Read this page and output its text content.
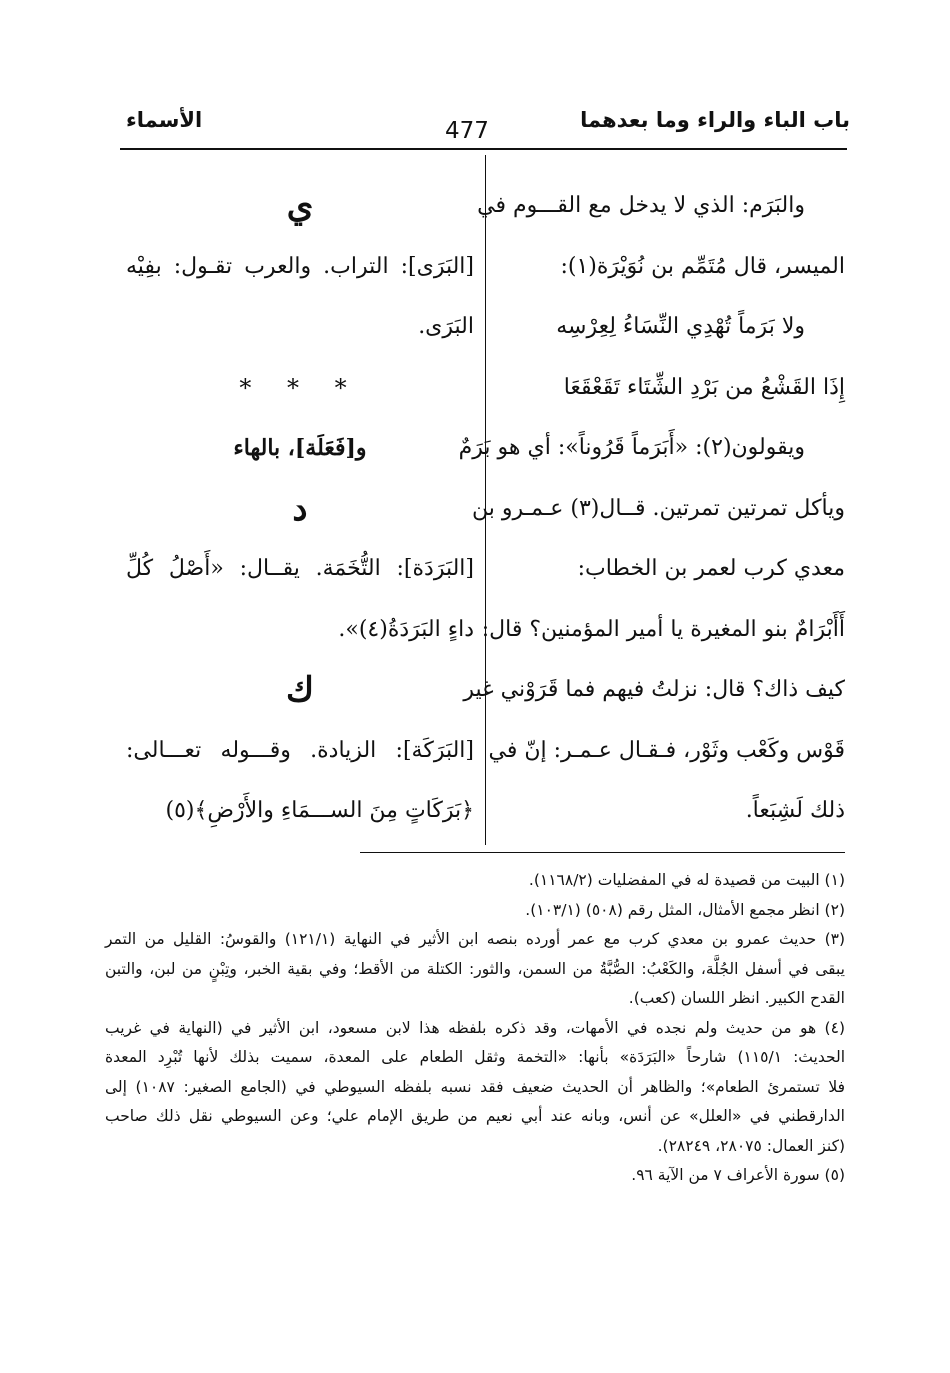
باب الباء والراء وما بعدهما
477
الأسماء
والبَرَم: الذي لا يدخل مع القـــوم في
الميسر، قال مُتَمِّم بن نُوَيْرَة(١):
ولا بَرَماً تُهْدِي النِّسَاءُ لِعِرْسِه
إِذَا القَشْعُ من بَرْدِ الشِّتَاء تَقَعْقَعَا
ويقولون(٢): «أَبَرَماً قَرُوناً»: أي هو بَرَمٌ
ويأكل تمرتين تمرتين. قــال(٣) عـمـرو بن
معدي كرب لعمر بن الخطاب:
أَأَبْرَامٌ بنو المغيرة يا أمير المؤمنين؟ قال:
كيف ذاك؟ قال: نزلتُ فيهم فما قَرَوْني غير
قَوْس وكَعْب وثَوْر، فـقـال عـمـر: إنّ في
ذلك لَشِبَعاً.
ي
[البَرَى]: التراب. والعرب تقـول: بفِيْه
البَرَى.
* * *
و[فَعَلَة]، بالهاء
د
[البَرَدَة]: التُّخَمَة. يقــال: «أَصْلُ كُلِّ
داءٍ البَرَدَةُ(٤)».
ك
[البَرَكَة]: الزيادة. وقـــوله تعـــالى:
﴿بَرَكَاتٍ مِنَ الســـمَاءِ والأَرْضِ﴾(٥)
(١) البيت من قصيدة له في المفضليات (١١٦٨/٢).
(٢) انظر مجمع الأمثال، المثل رقم (٥٠٨) (١٠٣/١).
(٣) حديث عمرو بن معدي كرب مع عمر أورده بنصه ابن الأثير في النهاية (١٢١/١) والقوسُ: القليل من التمر
يبقى في أسفل الجُلَّة، والكَعْبُ: الصُّبَّةُ من السمن، والثور: الكتلة من الأقط؛ وفي بقية الخبر، وتِبْنٍ من لبن، والتبن
القدح الكبير. انظر اللسان (كعب).
(٤) هو من حديث ولم نجده في الأمهات، وقد ذكره بلفظه هذا لابن مسعود، ابن الأثير في (النهاية في غريب
الحديث: ١١٥/١) شارحاً «البَرَدَة» بأنها: «التخمة وثقل الطعام على المعدة، سميت بذلك لأنها تُبْرِد المعدة
فلا تستمرئ الطعام»؛ والظاهر أن الحديث ضعيف فقد نسبه بلفظه السيوطي في (الجامع الصغير: ١٠٨٧) إلى
الدارقطني في «العلل» عن أنس، وبانه عند أبي نعيم من طريق الإمام علي؛ وعن السيوطي نقل ذلك صاحب
(كنز العمال: ٢٨٠٧٥، ٢٨٢٤٩).
(٥) سورة الأعراف ٧ من الآية ٩٦.
